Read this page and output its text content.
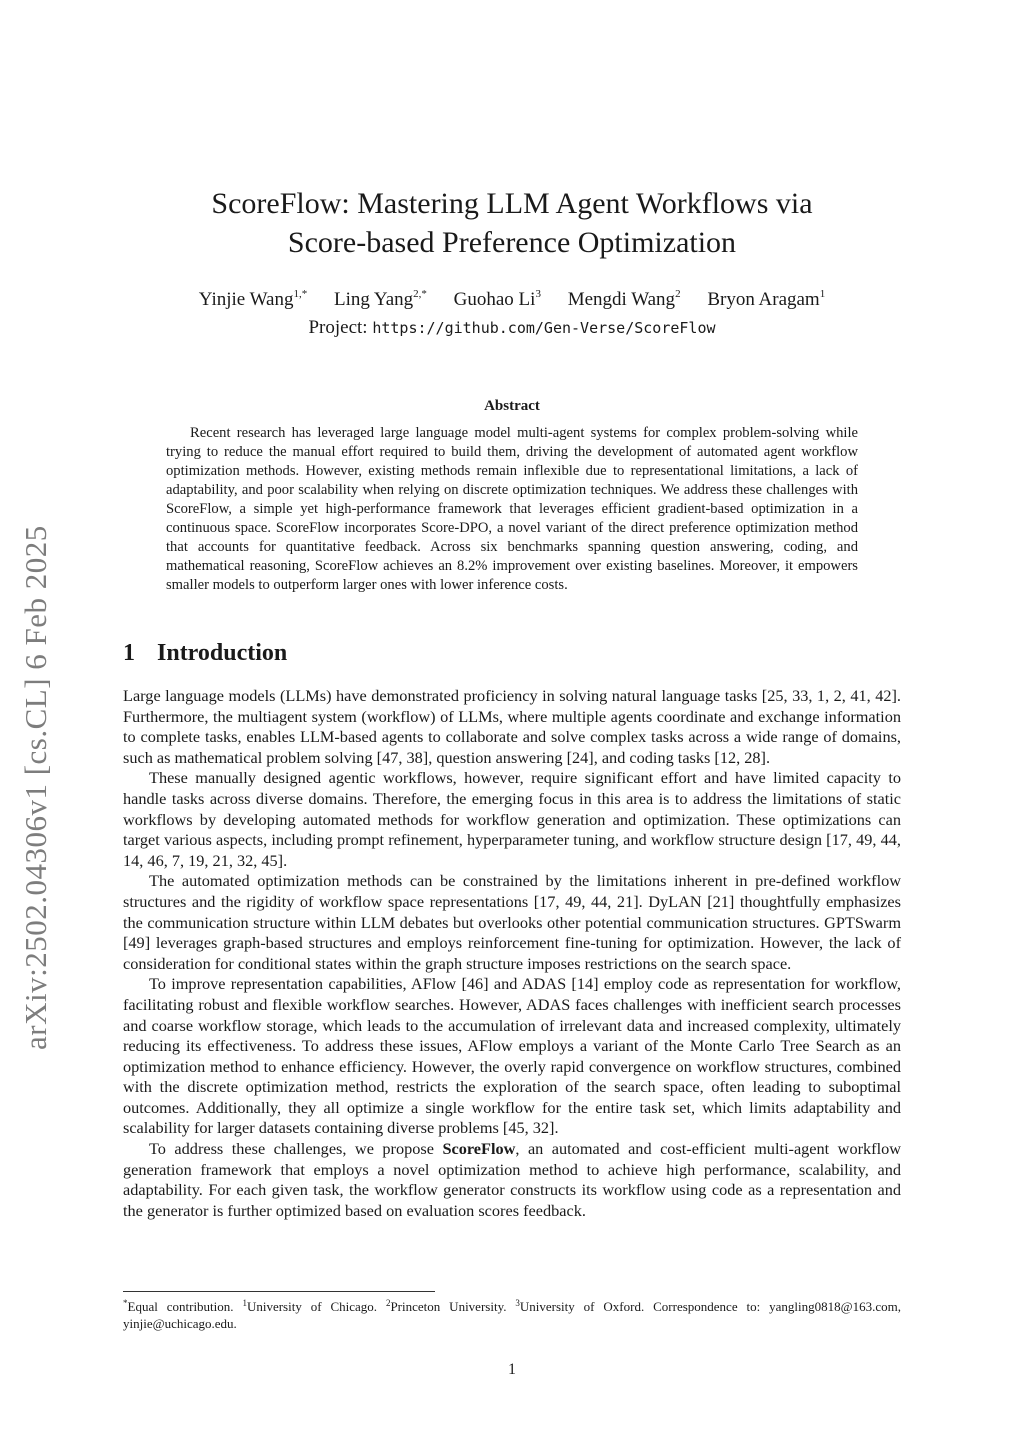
arXiv:2502.04306v1 [cs.CL] 6 Feb 2025
ScoreFlow: Mastering LLM Agent Workflows via
Score-based Preference Optimization
Yinjie Wang$^{1,*}$ Ling Yang$^{2,*}$ Guohao Li$^3$ Mengdi Wang$^2$ Bryon Aragam$^1$
Project: https://github.com/Gen-Verse/ScoreFlow
Abstract

Recent research has leveraged large language model multi-agent systems for complex problem-solving while trying to reduce the manual effort required to build them, driving the development of automated agent workflow optimization methods. However, existing methods remain inflexible due to representational limitations, a lack of adaptability, and poor scalability when relying on discrete optimization techniques. We address these challenges with ScoreFlow, a simple yet high-performance framework that leverages efficient gradient-based optimization in a continuous space. ScoreFlow incorporates Score-DPO, a novel variant of the direct preference optimization method that accounts for quantitative feedback. Across six benchmarks spanning question answering, coding, and mathematical reasoning, ScoreFlow achieves an 8.2% improvement over existing baselines. Moreover, it empowers smaller models to outperform larger ones with lower inference costs.

1 Introduction

Large language models (LLMs) have demonstrated proficiency in solving natural language tasks [25, 33, 1, 2, 41, 42]. Furthermore, the multiagent system (workflow) of LLMs, where multiple agents coordinate and exchange information to complete tasks, enables LLM-based agents to collaborate and solve complex tasks across a wide range of domains, such as mathematical problem solving [47, 38], question answering [24], and coding tasks [12, 28].

These manually designed agentic workflows, however, require significant effort and have limited capacity to handle tasks across diverse domains. Therefore, the emerging focus in this area is to address the limitations of static workflows by developing automated methods for workflow generation and optimization. These optimizations can target various aspects, including prompt refinement, hyperparameter tuning, and workflow structure design [17, 49, 44, 14, 46, 7, 19, 21, 32, 45].

The automated optimization methods can be constrained by the limitations inherent in pre-defined workflow structures and the rigidity of workflow space representations [17, 49, 44, 21]. DyLAN [21] thoughtfully emphasizes the communication structure within LLM debates but overlooks other potential communication structures. GPTSwarm [49] leverages graph-based structures and employs reinforcement fine-tuning for optimization. However, the lack of consideration for conditional states within the graph structure imposes restrictions on the search space.

To improve representation capabilities, AFlow [46] and ADAS [14] employ code as representation for workflow, facilitating robust and flexible workflow searches. However, ADAS faces challenges with inefficient search processes and coarse workflow storage, which leads to the accumulation of irrelevant data and increased complexity, ultimately reducing its effectiveness. To address these issues, AFlow employs a variant of the Monte Carlo Tree Search as an optimization method to enhance efficiency. However, the overly rapid convergence on workflow structures, combined with the discrete optimization method, restricts the exploration of the search space, often leading to suboptimal outcomes. Additionally, they all optimize a single workflow for the entire task set, which limits adaptability and scalability for larger datasets containing diverse problems [45, 32].

To address these challenges, we propose ScoreFlow, an automated and cost-efficient multi-agent workflow generation framework that employs a novel optimization method to achieve high performance, scalability, and adaptability. For each given task, the workflow generator constructs its workflow using code as a representation and the generator is further optimized based on evaluation scores feedback.

*Equal contribution. $^1$University of Chicago. $^2$Princeton University. $^3$University of Oxford. Correspondence to: yangling0818@163.com, yinjie@uchicago.edu.
1
